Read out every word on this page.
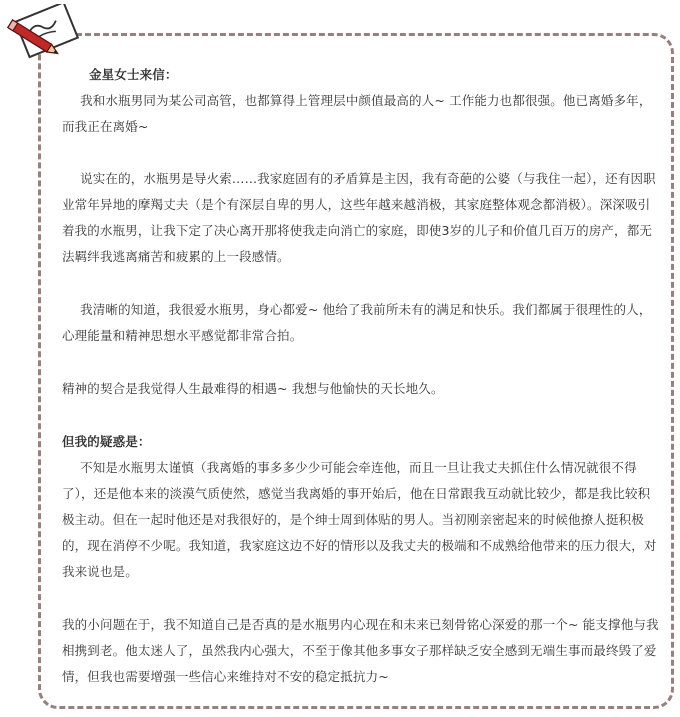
金星女士来信：

我和水瓶男同为某公司高管，也都算得上管理层中颜值最高的人~ 工作能力也都很强。他已离婚多年，而我正在离婚~

说实在的，水瓶男是导火索……我家庭固有的矛盾算是主因，我有奇葩的公婆（与我住一起），还有因职业常年异地的摩羯丈夫（是个有深层自卑的男人，这些年越来越消极，其家庭整体观念都消极）。深深吸引着我的水瓶男，让我下定了决心离开那将使我走向消亡的家庭，即使3岁的儿子和价值几百万的房产，都无法羁绊我逃离痛苦和疲累的上一段感情。

我清晰的知道，我很爱水瓶男，身心都爱~ 他给了我前所未有的满足和快乐。我们都属于很理性的人，心理能量和精神思想水平感觉都非常合拍。

精神的契合是我觉得人生最难得的相遇~ 我想与他愉快的天长地久。

但我的疑惑是：

不知是水瓶男太谨慎（我离婚的事多多少少可能会牵连他，而且一旦让我丈夫抓住什么情况就很不得了），还是他本来的淡漠气质使然，感觉当我离婚的事开始后，他在日常跟我互动就比较少，都是我比较积极主动。但在一起时他还是对我很好的，是个绅士周到体贴的男人。当初刚亲密起来的时候他撩人挺积极的，现在消停不少呢。我知道，我家庭这边不好的情形以及我丈夫的极端和不成熟给他带来的压力很大，对我来说也是。

我的小问题在于，我不知道自己是否真的是水瓶男内心现在和未来已刻骨铭心深爱的那一个~ 能支撑他与我相携到老。他太迷人了，虽然我内心强大，不至于像其他多事女子那样缺乏安全感到无端生事而最终毁了爱情，但我也需要增强一些信心来维持对不安的稳定抵抗力~
